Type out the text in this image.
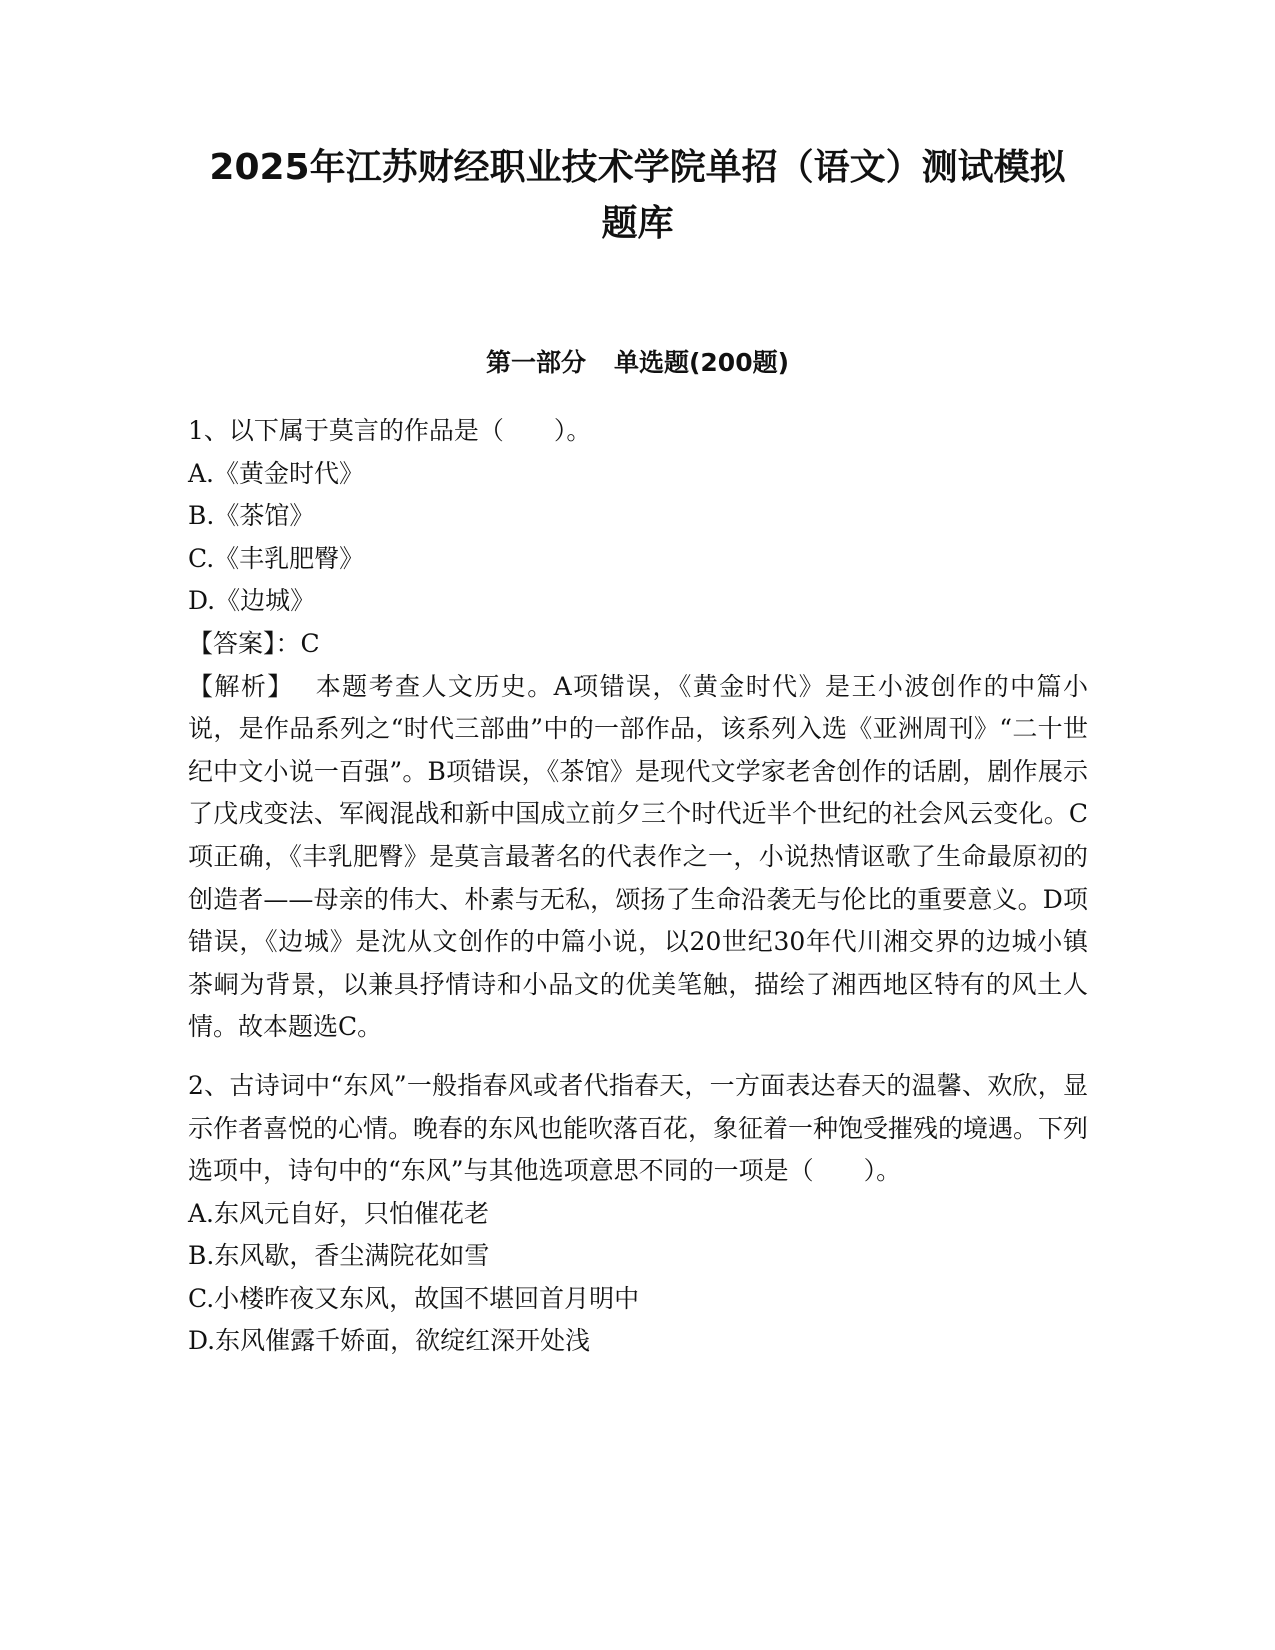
2025年江苏财经职业技术学院单招（语文）测试模拟
题库
第一部分 单选题(200题)

1、以下属于莫言的作品是（　　）。

A.《黄金时代》

B.《茶馆》

C.《丰乳肥臀》

D.《边城》

【答案】：C

【解析】 本题考查人文历史。A项错误，《黄金时代》是王小波创作的中篇小说，是作品系列之“时代三部曲”中的一部作品，该系列入选《亚洲周刊》“二十世纪中文小说一百强”。B项错误，《茶馆》是现代文学家老舍创作的话剧，剧作展示了戊戌变法、军阀混战和新中国成立前夕三个时代近半个世纪的社会风云变化。C项正确，《丰乳肥臀》是莫言最著名的代表作之一，小说热情讴歌了生命最原初的创造者——母亲的伟大、朴素与无私，颂扬了生命沿袭无与伦比的重要意义。D项错误，《边城》是沈从文创作的中篇小说，以20世纪30年代川湘交界的边城小镇茶峒为背景，以兼具抒情诗和小品文的优美笔触，描绘了湘西地区特有的风土人情。故本题选C。

2、古诗词中“东风”一般指春风或者代指春天，一方面表达春天的温馨、欢欣，显示作者喜悦的心情。晚春的东风也能吹落百花，象征着一种饱受摧残的境遇。下列选项中，诗句中的“东风”与其他选项意思不同的一项是（　　）。

A.东风元自好，只怕催花老

B.东风歇，香尘满院花如雪

C.小楼昨夜又东风，故国不堪回首月明中

D.东风催露千娇面，欲绽红深开处浅
